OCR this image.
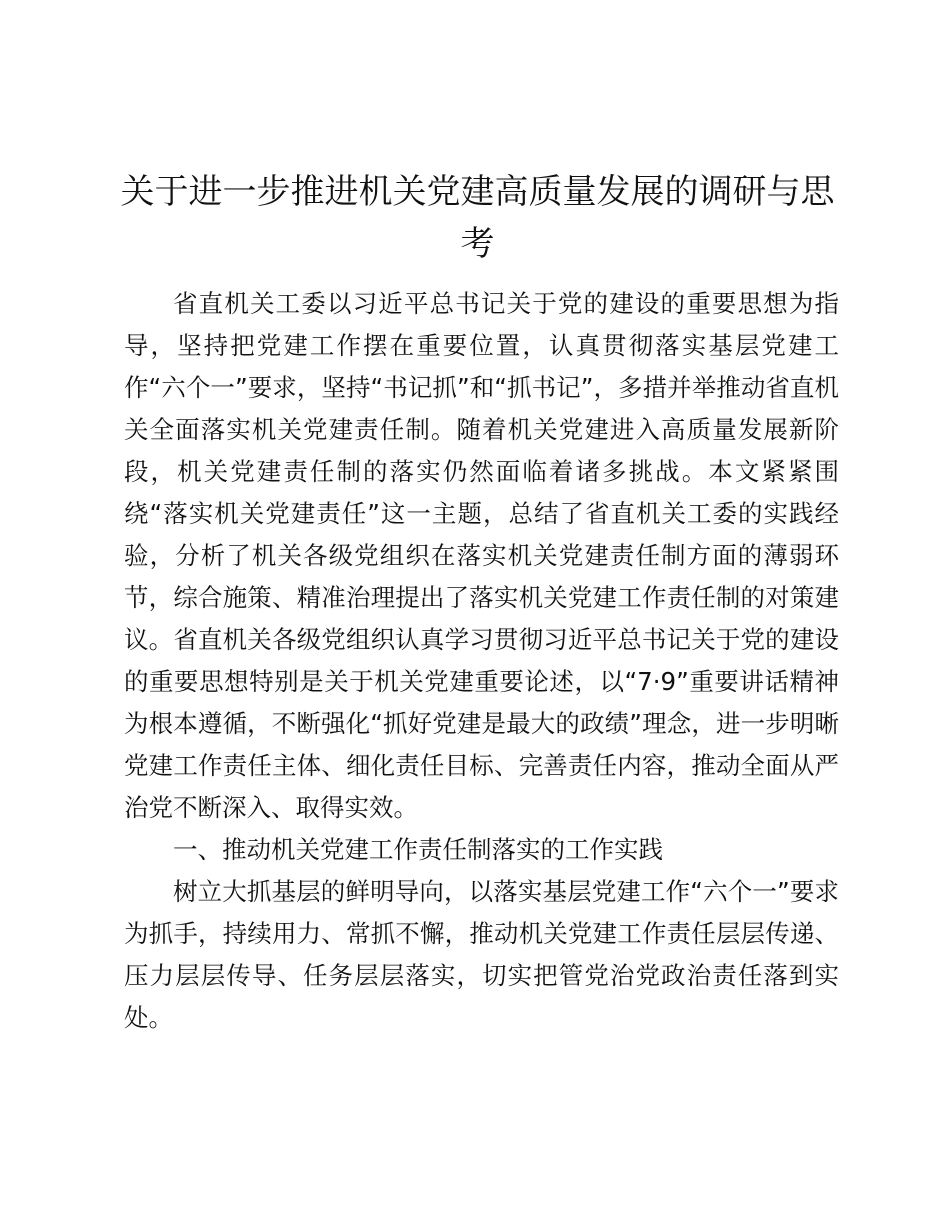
关于进一步推进机关党建高质量发展的调研与思考

省直机关工委以习近平总书记关于党的建设的重要思想为指导，坚持把党建工作摆在重要位置，认真贯彻落实基层党建工作“六个一”要求，坚持“书记抓”和“抓书记”，多措并举推动省直机关全面落实机关党建责任制。随着机关党建进入高质量发展新阶段，机关党建责任制的落实仍然面临着诸多挑战。本文紧紧围绕“落实机关党建责任”这一主题，总结了省直机关工委的实践经验，分析了机关各级党组织在落实机关党建责任制方面的薄弱环节，综合施策、精准治理提出了落实机关党建工作责任制的对策建议。省直机关各级党组织认真学习贯彻习近平总书记关于党的建设的重要思想特别是关于机关党建重要论述，以“7·9”重要讲话精神为根本遵循，不断强化“抓好党建是最大的政绩”理念，进一步明晰党建工作责任主体、细化责任目标、完善责任内容，推动全面从严治党不断深入、取得实效。

一、推动机关党建工作责任制落实的工作实践

树立大抓基层的鲜明导向，以落实基层党建工作“六个一”要求为抓手，持续用力、常抓不懈，推动机关党建工作责任层层传递、压力层层传导、任务层层落实，切实把管党治党政治责任落到实处。
